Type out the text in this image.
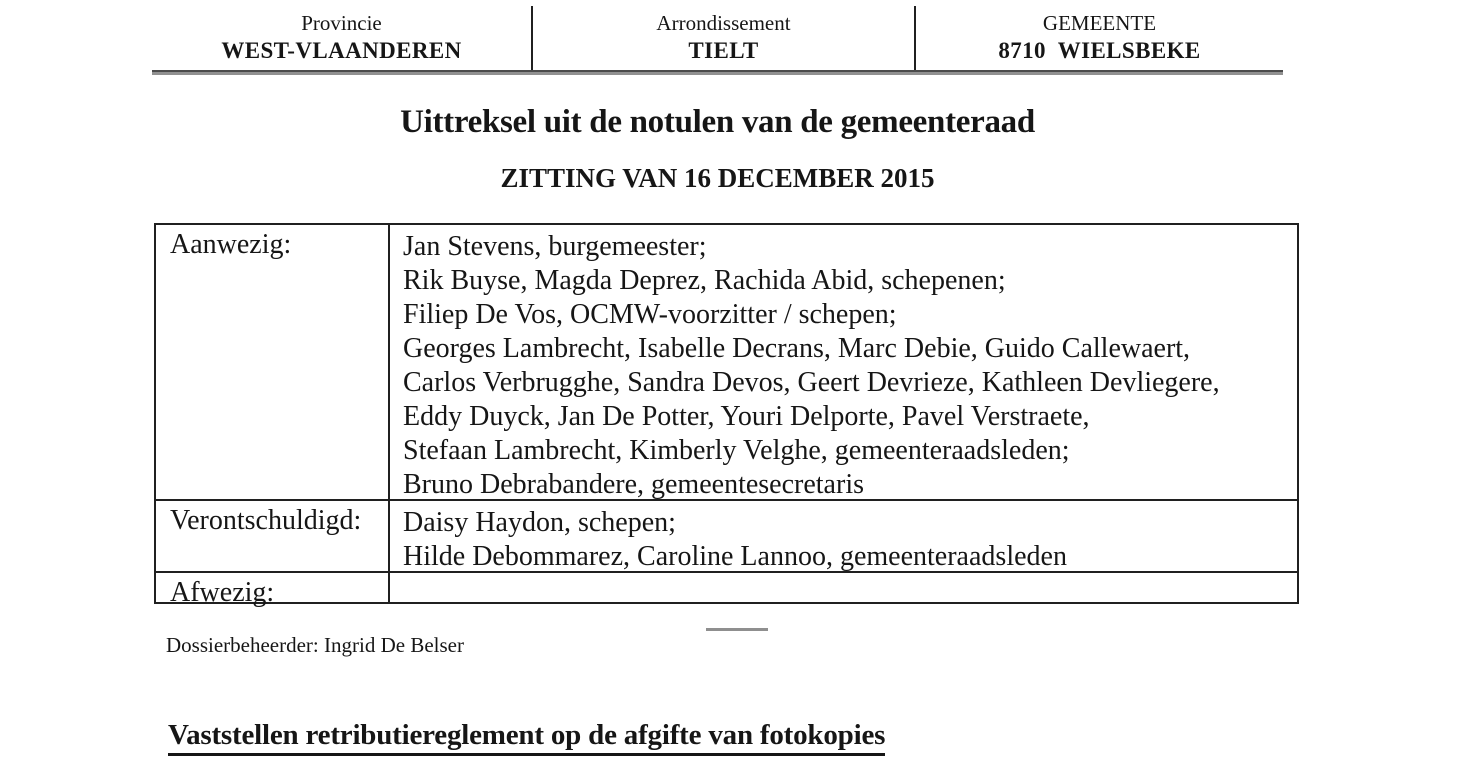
Provincie
WEST-VLAANDEREN
Arrondissement
TIELT
GEMEENTE
8710 WIELSBEKE
Uittreksel uit de notulen van de gemeenteraad
ZITTING VAN 16 DECEMBER 2015
Aanwezig:	Jan Stevens, burgemeester;
Rik Buyse, Magda Deprez, Rachida Abid, schepenen;
Filiep De Vos, OCMW-voorzitter / schepen;
Georges Lambrecht, Isabelle Decrans, Marc Debie, Guido Callewaert,
Carlos Verbrugghe, Sandra Devos, Geert Devrieze, Kathleen Devliegere,
Eddy Duyck, Jan De Potter, Youri Delporte, Pavel Verstraete,
Stefaan Lambrecht, Kimberly Velghe, gemeenteraadsleden;
Bruno Debrabandere, gemeentesecretaris
Verontschuldigd:	Daisy Haydon, schepen;
Hilde Debommarez, Caroline Lannoo, gemeenteraadsleden
Afwezig:
Dossierbeheerder: Ingrid De Belser
Vaststellen retributiereglement op de afgifte van fotokopies
